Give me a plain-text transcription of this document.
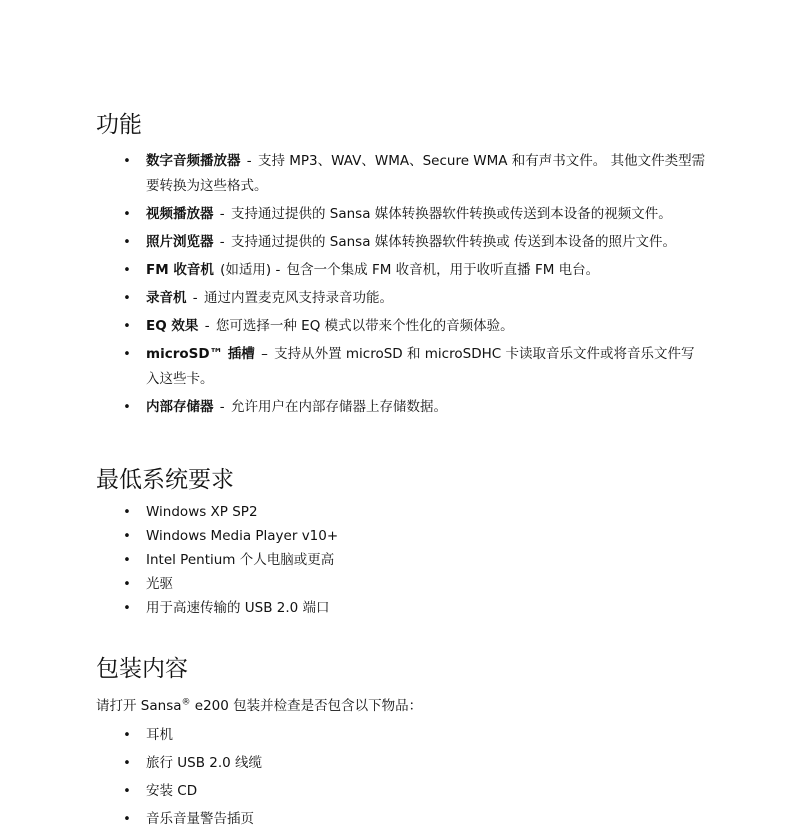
功能
• 数字音频播放器 - 支持 MP3、WAV、WMA、Secure WMA 和有声书文件。 其他文件类型需要转换为这些格式。
• 视频播放器 - 支持通过提供的 Sansa 媒体转换器软件转换或传送到本设备的视频文件。
• 照片浏览器 - 支持通过提供的 Sansa 媒体转换器软件转换或 传送到本设备的照片文件。
• FM 收音机 (如适用) - 包含一个集成 FM 收音机，用于收听直播 FM 电台。
• 录音机 - 通过内置麦克风支持录音功能。
• EQ 效果 - 您可选择一种 EQ 模式以带来个性化的音频体验。
• microSD™ 插槽 – 支持从外置 microSD 和 microSDHC 卡读取音乐文件或将音乐文件写入这些卡。
• 内部存储器 - 允许用户在内部存储器上存储数据。
最低系统要求
• Windows XP SP2
• Windows Media Player v10+
• Intel Pentium 个人电脑或更高
• 光驱
• 用于高速传输的 USB 2.0 端口
包装内容

请打开 Sansa® e200 包装并检查是否包含以下物品：

• 耳机
• 旅行 USB 2.0 线缆
• 安装 CD
• 音乐音量警告插页
